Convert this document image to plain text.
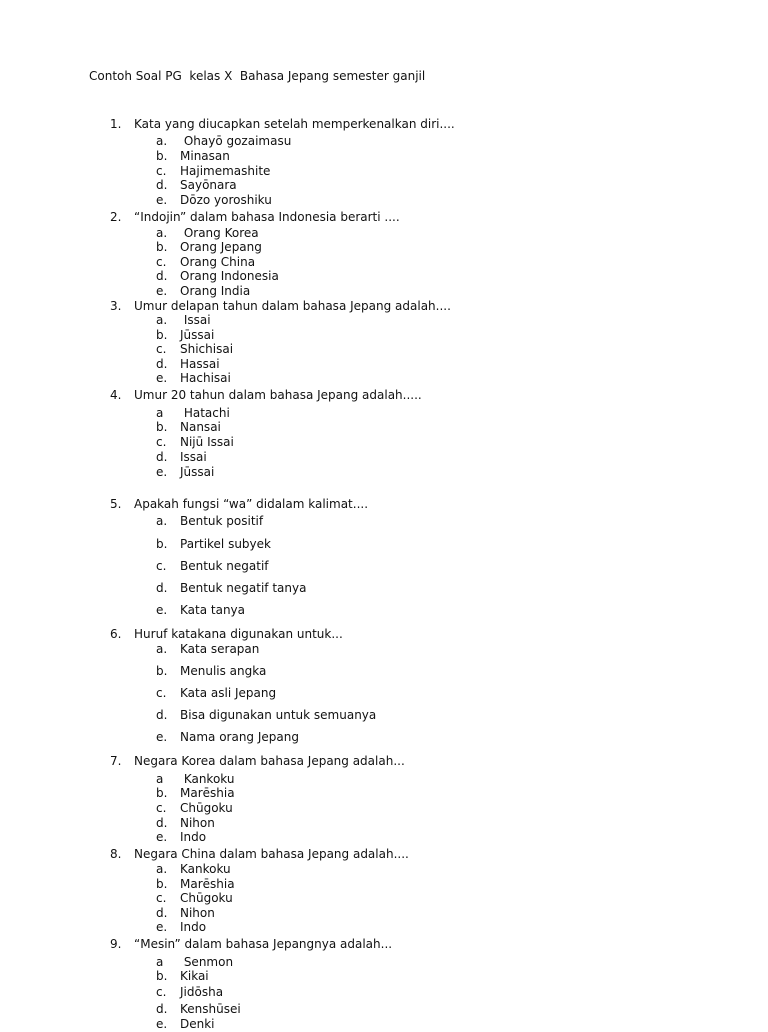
Contoh Soal PG  kelas X  Bahasa Jepang semester ganjil
1.	Kata yang diucapkan setelah memperkenalkan diri....
a. Ohayō gozaimasu
b. Minasan
c. Hajimemashite
d. Sayōnara
e. Dōzo yoroshiku
2.	“Indojin” dalam bahasa Indonesia berarti ....
a. Orang Korea
b. Orang Jepang
c. Orang China
d. Orang Indonesia
e. Orang India
3.	Umur delapan tahun dalam bahasa Jepang adalah....
a. Issai
b. Jūssai
c. Shichisai
d. Hassai
e. Hachisai
4.	Umur 20 tahun dalam bahasa Jepang adalah.....
a Hatachi
b. Nansai
c. Nijū Issai
d. Issai
e. Jūssai
5.	Apakah fungsi “wa” didalam kalimat....
a. Bentuk positif
b. Partikel subyek
c. Bentuk negatif
d. Bentuk negatif tanya
e. Kata tanya
6.	Huruf katakana digunakan untuk...
a. Kata serapan
b. Menulis angka
c. Kata asli Jepang
d. Bisa digunakan untuk semuanya
e. Nama orang Jepang
7.	Negara Korea dalam bahasa Jepang adalah...
a Kankoku
b. Marēshia
c. Chūgoku
d. Nihon
e. Indo
8.	Negara China dalam bahasa Jepang adalah....
a. Kankoku
b. Marēshia
c. Chūgoku
d. Nihon
e. Indo
9.	“Mesin” dalam bahasa Jepangnya adalah...
a Senmon
b. Kikai
c. Jidōsha
d. Kenshūsei
e. Denki
